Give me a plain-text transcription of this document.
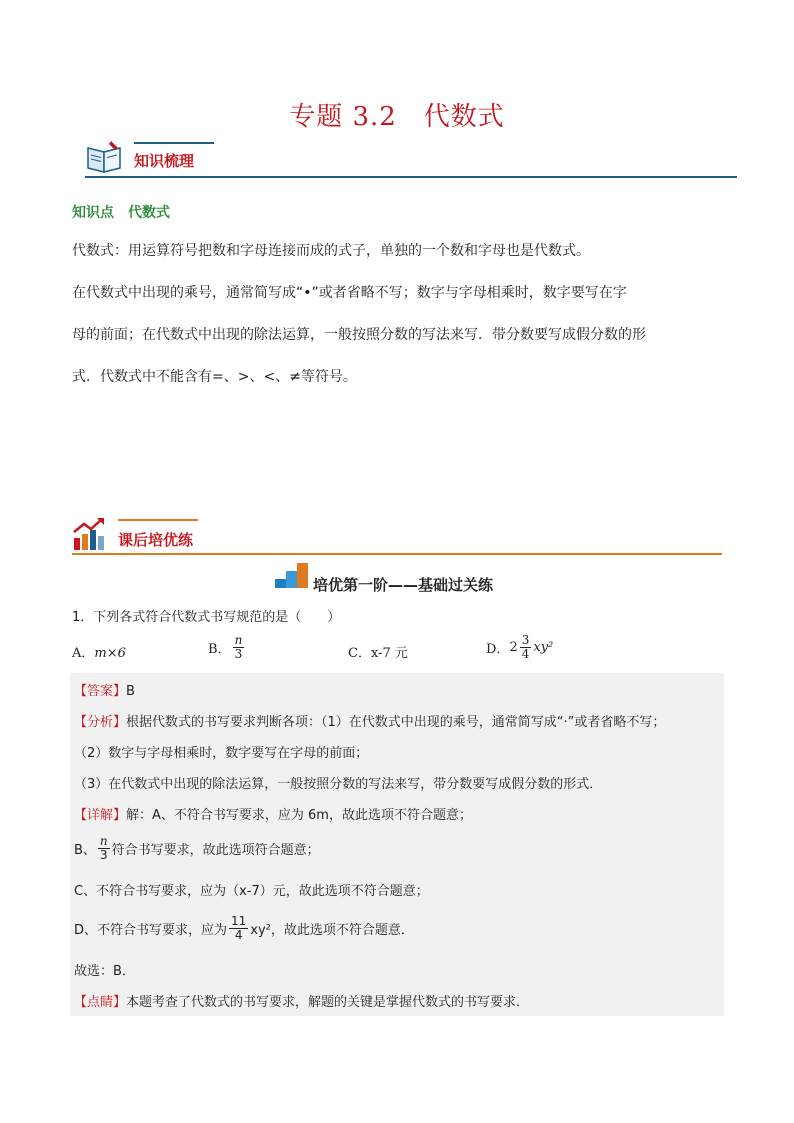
专题 3.2　代数式
知识梳理
知识点　代数式
代数式：用运算符号把数和字母连接而成的式子，单独的一个数和字母也是代数式。
在代数式中出现的乘号，通常简写成“•”或者省略不写；数字与字母相乘时，数字要写在字
母的前面；在代数式中出现的除法运算，一般按照分数的写法来写．带分数要写成假分数的形
式．代数式中不能含有=、>、<、≠等符号。
课后培优练
培优第一阶——基础过关练
1．下列各式符合代数式书写规范的是（　　）
A．m×6	B． $\frac{n}{3}$	C．x-7 元	D． $2 \frac{3}{4} xy^2$
【答案】B
【分析】根据代数式的书写要求判断各项：（1）在代数式中出现的乘号，通常简写成“·”或者省略不写；
（2）数字与字母相乘时，数字要写在字母的前面；
（3）在代数式中出现的除法运算，一般按照分数的写法来写，带分数要写成假分数的形式．
【详解】解：A、不符合书写要求，应为 6m，故此选项不符合题意；
B、 $\frac{n}{3}$ 符合书写要求，故此选项符合题意；
C、不符合书写要求，应为（x-7）元，故此选项不符合题意；
D、不符合书写要求，应为 $\frac{11}{4} xy^2$，故此选项不符合题意．
故选：B．
【点睛】本题考查了代数式的书写要求，解题的关键是掌握代数式的书写要求．
